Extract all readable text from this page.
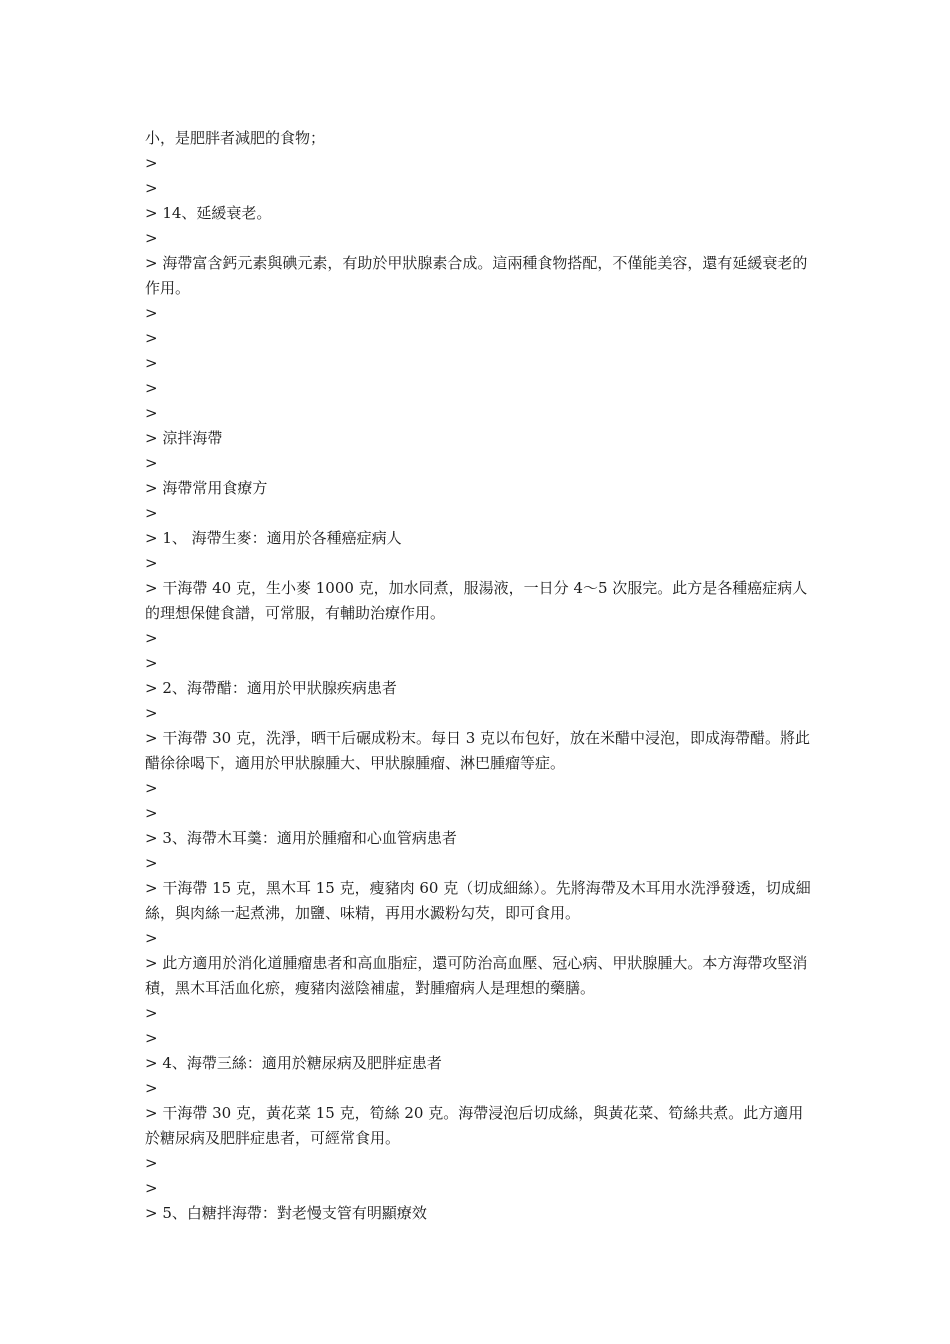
小，是肥胖者減肥的食物；

>

>

> 14、延緩衰老。

>

> 海帶富含鈣元素與碘元素，有助於甲狀腺素合成。這兩種食物搭配，不僅能美容，還有延緩衰老的作用。

>

>

>

>

>

> 涼拌海帶

>

> 海帶常用食療方

>

> 1、 海帶生麥：適用於各種癌症病人

>

> 干海帶 40 克，生小麥 1000 克，加水同煮，服湯液，一日分 4～5 次服完。此方是各種癌症病人的理想保健食譜，可常服，有輔助治療作用。

>

>

> 2、海帶醋：適用於甲狀腺疾病患者

>

> 干海帶 30 克，洗淨，晒干后碾成粉末。每日 3 克以布包好，放在米醋中浸泡，即成海帶醋。將此醋徐徐喝下，適用於甲狀腺腫大、甲狀腺腫瘤、淋巴腫瘤等症。

>

>

> 3、海帶木耳羹：適用於腫瘤和心血管病患者

>

> 干海帶 15 克，黑木耳 15 克，瘦豬肉 60 克（切成細絲）。先將海帶及木耳用水洗淨發透，切成細絲，與肉絲一起煮沸，加鹽、味精，再用水澱粉勾芡，即可食用。

>

> 此方適用於消化道腫瘤患者和高血脂症，還可防治高血壓、冠心病、甲狀腺腫大。本方海帶攻堅消積，黑木耳活血化瘀，瘦豬肉滋陰補虛，對腫瘤病人是理想的藥膳。

>

>

> 4、海帶三絲：適用於糖尿病及肥胖症患者

>

> 干海帶 30 克，黃花菜 15 克，筍絲 20 克。海帶浸泡后切成絲，與黃花菜、筍絲共煮。此方適用於糖尿病及肥胖症患者，可經常食用。

>

>

> 5、白糖拌海帶：對老慢支管有明顯療效
